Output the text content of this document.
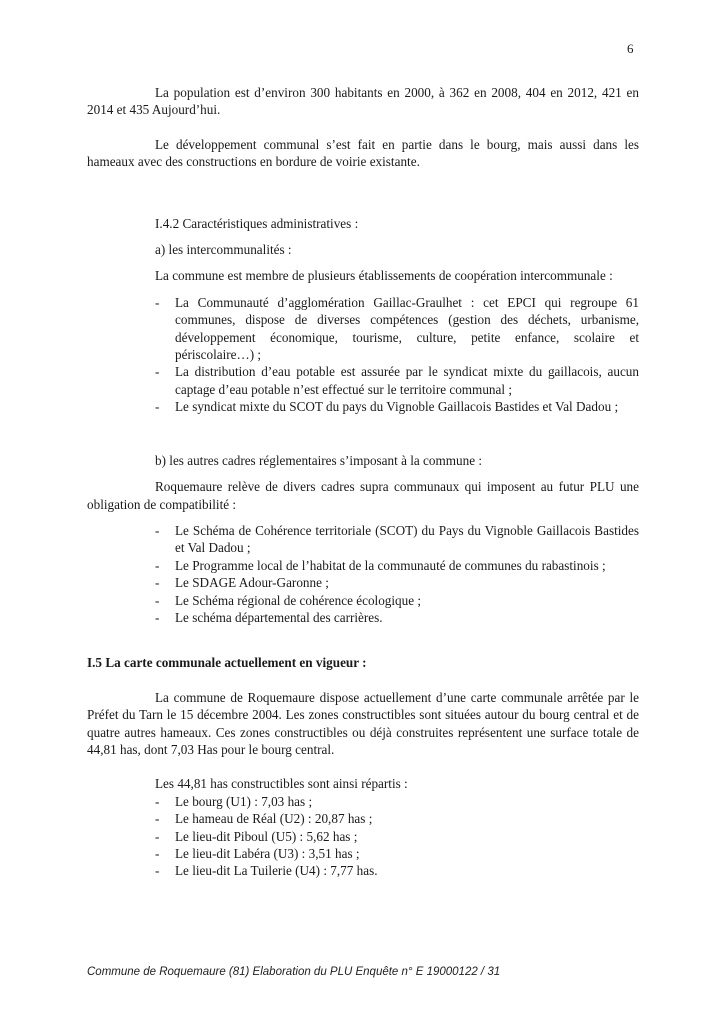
6

La population est d’environ 300 habitants en 2000, à 362 en 2008, 404 en 2012, 421 en 2014 et 435 Aujourd’hui.

Le développement communal s’est fait en partie dans le bourg, mais aussi dans les hameaux avec des constructions en bordure de voirie existante.

I.4.2 Caractéristiques administratives :

a) les intercommunalités :

La commune est membre de plusieurs établissements de coopération intercommunale :

- La Communauté d’agglomération Gaillac-Graulhet : cet EPCI qui regroupe 61 communes, dispose de diverses compétences (gestion des déchets, urbanisme, développement économique, tourisme, culture, petite enfance, scolaire et périscolaire…) ;
- La distribution d’eau potable est assurée par le syndicat mixte du gaillacois, aucun captage d’eau potable n’est effectué sur le territoire communal ;
- Le syndicat mixte du SCOT du pays du Vignoble Gaillacois Bastides et Val Dadou ;

b) les autres cadres réglementaires s’imposant à la commune :

Roquemaure relève de divers cadres supra communaux qui imposent au futur PLU une obligation de compatibilité :

- Le Schéma de Cohérence territoriale (SCOT) du Pays du Vignoble Gaillacois Bastides et Val Dadou ;
- Le Programme local de l’habitat de la communauté de communes du rabastinois ;
- Le SDAGE Adour-Garonne ;
- Le Schéma régional de cohérence écologique ;
- Le schéma départemental des carrières.

I.5 La carte communale actuellement en vigueur :

La commune de Roquemaure dispose actuellement d’une carte communale arrêtée par le Préfet du Tarn le 15 décembre 2004. Les zones constructibles sont situées autour du bourg central et de quatre autres hameaux. Ces zones constructibles ou déjà construites représentent une surface totale de 44,81 has, dont 7,03 Has pour le bourg central.

Les 44,81 has constructibles sont ainsi répartis :

- Le bourg (U1) : 7,03 has ;
- Le hameau de Réal (U2) : 20,87 has ;
- Le lieu-dit Piboul (U5) : 5,62 has ;
- Le lieu-dit Labéra (U3) : 3,51 has ;
- Le lieu-dit La Tuilerie (U4) : 7,77 has.
Commune de Roquemaure (81) Elaboration du PLU Enquête n° E 19000122 / 31
